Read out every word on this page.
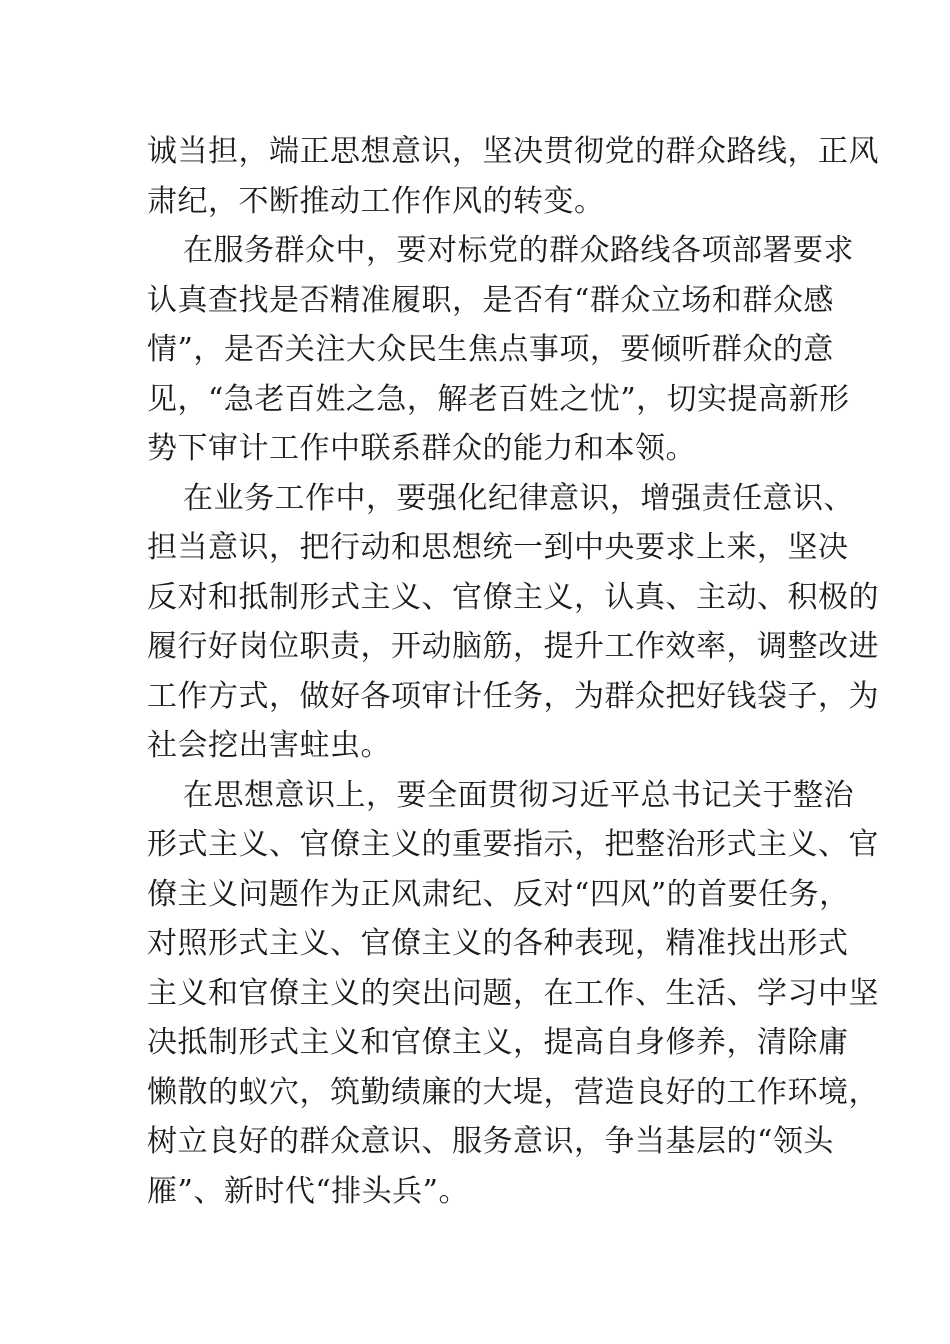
诚当担，端正思想意识，坚决贯彻党的群众路线，正风
肃纪，不断推动工作作风的转变。
在服务群众中，要对标党的群众路线各项部署要求
认真查找是否精准履职，是否有“群众立场和群众感
情”，是否关注大众民生焦点事项，要倾听群众的意
见，“急老百姓之急，解老百姓之忧”，切实提高新形
势下审计工作中联系群众的能力和本领。
在业务工作中，要强化纪律意识，增强责任意识、
担当意识，把行动和思想统一到中央要求上来，坚决
反对和抵制形式主义、官僚主义，认真、主动、积极的
履行好岗位职责，开动脑筋，提升工作效率，调整改进
工作方式，做好各项审计任务，为群众把好钱袋子，为
社会挖出害蛀虫。
在思想意识上，要全面贯彻习近平总书记关于整治
形式主义、官僚主义的重要指示，把整治形式主义、官
僚主义问题作为正风肃纪、反对“四风”的首要任务，
对照形式主义、官僚主义的各种表现，精准找出形式
主义和官僚主义的突出问题，在工作、生活、学习中坚
决抵制形式主义和官僚主义，提高自身修养，清除庸
懒散的蚁穴，筑勤绩廉的大堤，营造良好的工作环境，
树立良好的群众意识、服务意识，争当基层的“领头
雁”、新时代“排头兵”。
